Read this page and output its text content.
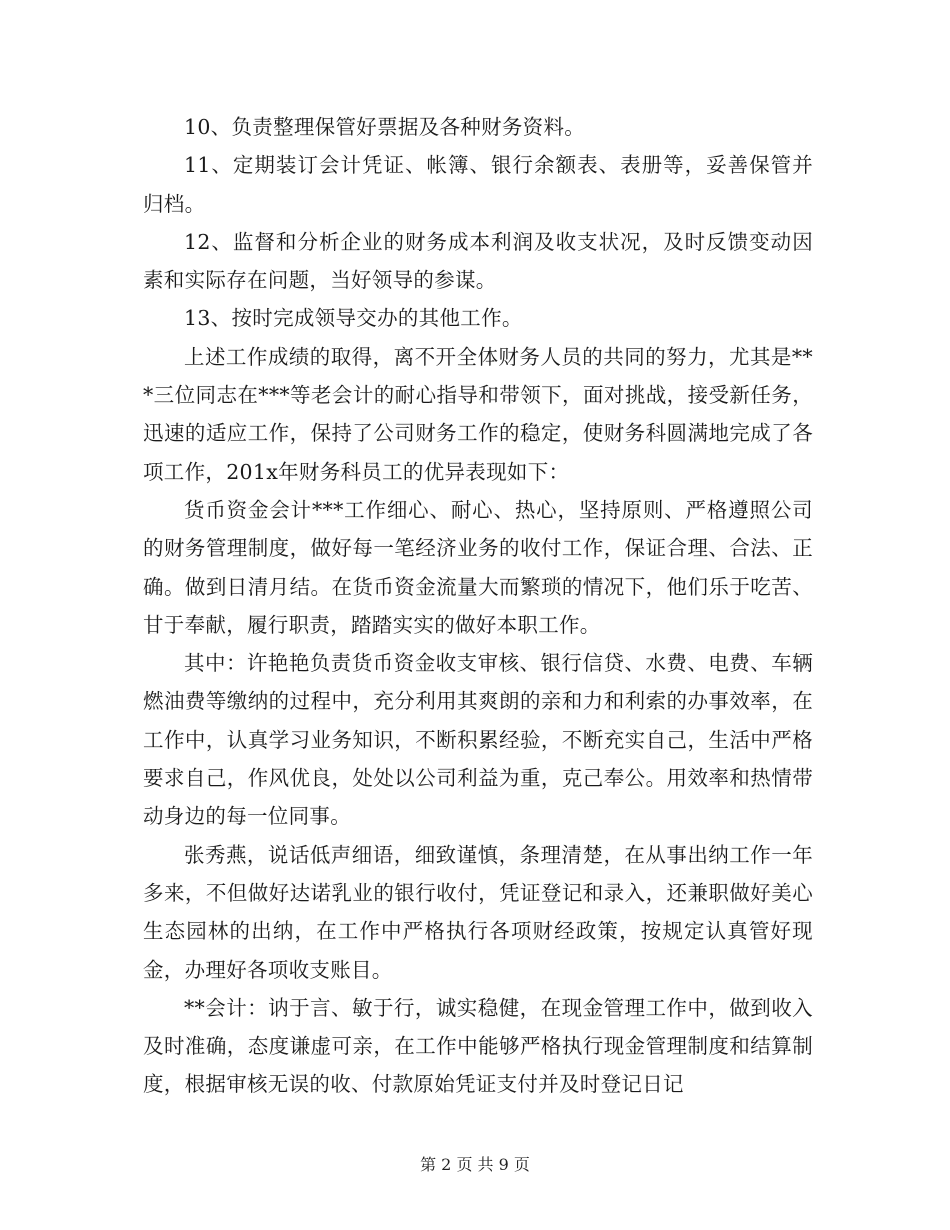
10、负责整理保管好票据及各种财务资料。

11、定期装订会计凭证、帐簿、银行余额表、表册等，妥善保管并归档。

12、监督和分析企业的财务成本利润及收支状况，及时反馈变动因素和实际存在问题，当好领导的参谋。

13、按时完成领导交办的其他工作。

上述工作成绩的取得，离不开全体财务人员的共同的努力，尤其是***三位同志在***等老会计的耐心指导和带领下，面对挑战，接受新任务，迅速的适应工作，保持了公司财务工作的稳定，使财务科圆满地完成了各项工作，201x年财务科员工的优异表现如下：

货币资金会计***工作细心、耐心、热心，坚持原则、严格遵照公司的财务管理制度，做好每一笔经济业务的收付工作，保证合理、合法、正确。做到日清月结。在货币资金流量大而繁琐的情况下，他们乐于吃苦、甘于奉献，履行职责，踏踏实实的做好本职工作。

其中：许艳艳负责货币资金收支审核、银行信贷、水费、电费、车辆燃油费等缴纳的过程中，充分利用其爽朗的亲和力和利索的办事效率，在工作中，认真学习业务知识，不断积累经验，不断充实自己，生活中严格要求自己，作风优良，处处以公司利益为重，克己奉公。用效率和热情带动身边的每一位同事。

张秀燕，说话低声细语，细致谨慎，条理清楚，在从事出纳工作一年多来，不但做好达诺乳业的银行收付，凭证登记和录入，还兼职做好美心生态园林的出纳，在工作中严格执行各项财经政策，按规定认真管好现金，办理好各项收支账目。

**会计：讷于言、敏于行，诚实稳健，在现金管理工作中，做到收入及时准确，态度谦虚可亲，在工作中能够严格执行现金管理制度和结算制度，根据审核无误的收、付款原始凭证支付并及时登记日记

第 2 页 共 9 页
